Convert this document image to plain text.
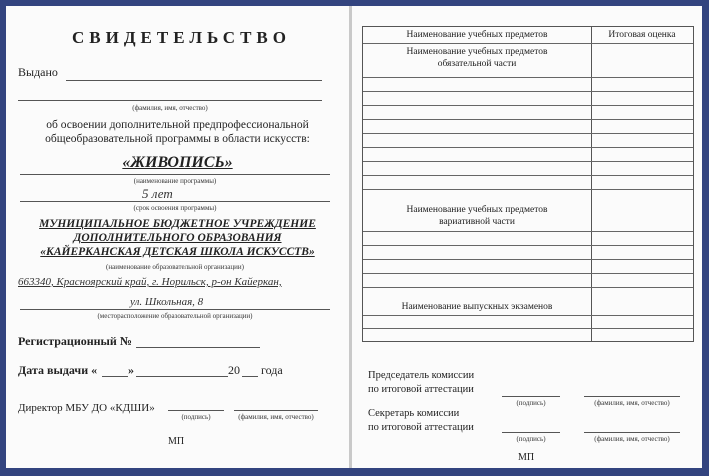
СВИДЕТЕЛЬСТВО
Выдано
(фамилия, имя, отчество)
об освоении дополнительной предпрофессиональной
общеобразовательной программы в области искусств:
«ЖИВОПИСЬ»
(наименование программы)
5 лет
(срок освоения программы)
МУНИЦИПАЛЬНОЕ БЮДЖЕТНОЕ УЧРЕЖДЕНИЕ
ДОПОЛНИТЕЛЬНОГО ОБРАЗОВАНИЯ
«КАЙЕРКАНСКАЯ ДЕТСКАЯ ШКОЛА ИСКУССТВ»
(наименование образовательной организации)
663340, Красноярский край, г. Норильск, р-он Кайеркан,
ул. Школьная, 8
(месторасположение образовательной организации)
Регистрационный №
Дата выдачи «	»	20 года
Директор МБУ ДО «КДШИ»
(подпись)	(фамилия, имя, отчество)
МП
Наименование учебных предметов	Итоговая оценка
Наименование учебных предметов
обязательной части
Наименование учебных предметов
вариативной части
Наименование выпускных экзаменов
Председатель комиссии
по итоговой аттестации
(подпись)	(фамилия, имя, отчество)
Секретарь комиссии
по итоговой аттестации
(подпись)	(фамилия, имя, отчество)
МП
